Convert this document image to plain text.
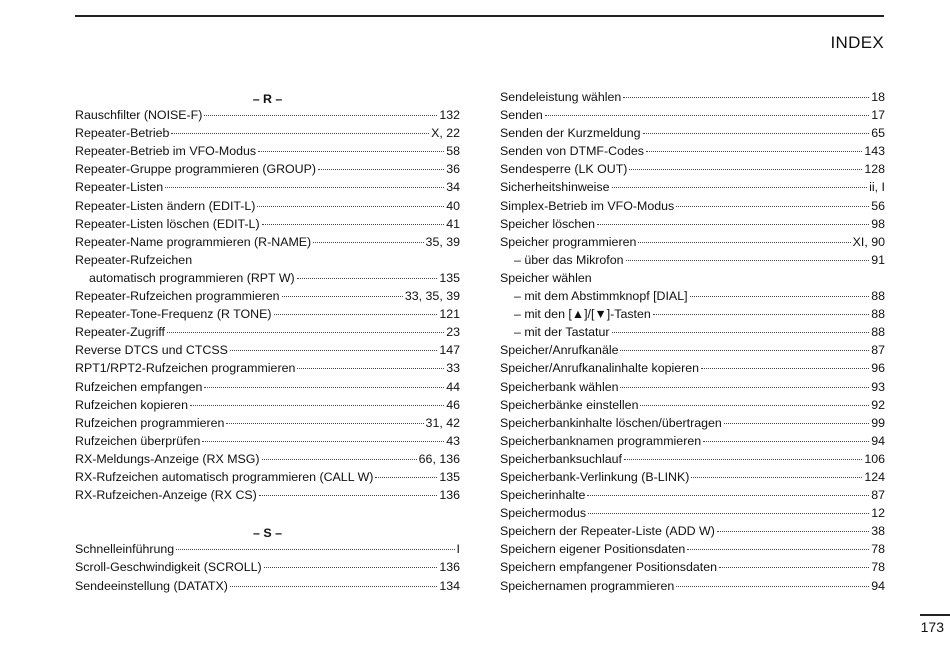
INDEX
– R –
Rauschfilter (NOISE-F)	132
Repeater-Betrieb	X, 22
Repeater-Betrieb im VFO-Modus	58
Repeater-Gruppe programmieren (GROUP)	36
Repeater-Listen	34
Repeater-Listen ändern (EDIT-L)	40
Repeater-Listen löschen (EDIT-L)	41
Repeater-Name programmieren (R-NAME)	35, 39
Repeater-Rufzeichen
automatisch programmieren (RPT W)	135
Repeater-Rufzeichen programmieren	33, 35, 39
Repeater-Tone-Frequenz (R TONE)	121
Repeater-Zugriff	23
Reverse DTCS und CTCSS	147
RPT1/RPT2-Rufzeichen programmieren	33
Rufzeichen empfangen	44
Rufzeichen kopieren	46
Rufzeichen programmieren	31, 42
Rufzeichen überprüfen	43
RX-Meldungs-Anzeige (RX MSG)	66, 136
RX-Rufzeichen automatisch programmieren (CALL W)	135
RX-Rufzeichen-Anzeige (RX CS)	136
– S –
Schnelleinführung	I
Scroll-Geschwindigkeit (SCROLL)	136
Sendeeinstellung (DATATX)	134
Sendeleistung wählen	18
Senden	17
Senden der Kurzmeldung	65
Senden von DTMF-Codes	143
Sendesperre (LK OUT)	128
Sicherheitshinweise	ii, I
Simplex-Betrieb im VFO-Modus	56
Speicher löschen	98
Speicher programmieren	XI, 90
– über das Mikrofon	91
Speicher wählen
– mit dem Abstimmknopf [DIAL]	88
– mit den [▲]/[▼]-Tasten	88
– mit der Tastatur	88
Speicher/Anrufkanäle	87
Speicher/Anrufkanalinhalte kopieren	96
Speicherbank wählen	93
Speicherbänke einstellen	92
Speicherbankinhalte löschen/übertragen	99
Speicherbanknamen programmieren	94
Speicherbanksuchlauf	106
Speicherbank-Verlinkung (B-LINK)	124
Speicherinhalte	87
Speichermodus	12
Speichern der Repeater-Liste (ADD W)	38
Speichern eigener Positionsdaten	78
Speichern empfangener Positionsdaten	78
Speichernamen programmieren	94
173
